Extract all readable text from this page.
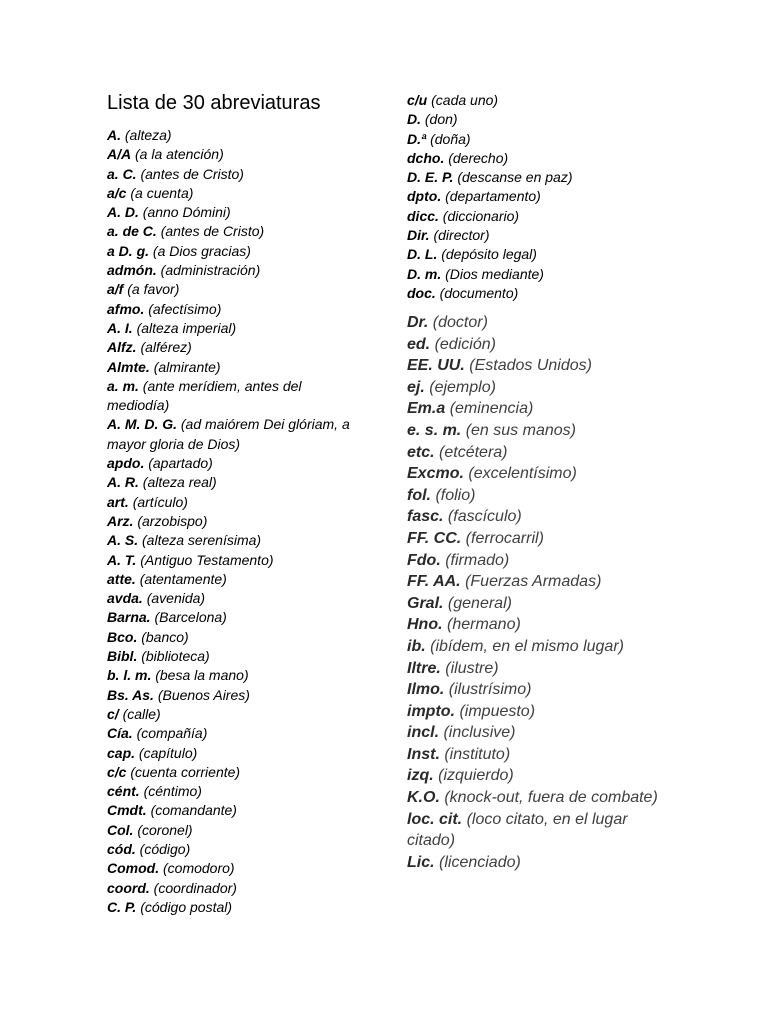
Lista de 30 abreviaturas
A. (alteza)
A/A (a la atención)
a. C. (antes de Cristo)
a/c (a cuenta)
A. D. (anno Dómini)
a. de C. (antes de Cristo)
a D. g. (a Dios gracias)
admón. (administración)
a/f (a favor)
afmo. (afectísimo)
A. I. (alteza imperial)
Alfz. (alférez)
Almte. (almirante)
a. m. (ante merídiem, antes del mediodía)
A. M. D. G. (ad maiórem Dei glóriam, a mayor gloria de Dios)
apdo. (apartado)
A. R. (alteza real)
art. (artículo)
Arz. (arzobispo)
A. S. (alteza serenísima)
A. T. (Antiguo Testamento)
atte. (atentamente)
avda. (avenida)
Barna. (Barcelona)
Bco. (banco)
Bibl. (biblioteca)
b. l. m. (besa la mano)
Bs. As. (Buenos Aires)
c/ (calle)
Cía. (compañía)
cap. (capítulo)
c/c (cuenta corriente)
cént. (céntimo)
Cmdt. (comandante)
Col. (coronel)
cód. (código)
Comod. (comodoro)
coord. (coordinador)
C. P. (código postal)
c/u (cada uno)
D. (don)
D.ª (doña)
dcho. (derecho)
D. E. P. (descanse en paz)
dpto. (departamento)
dicc. (diccionario)
Dir. (director)
D. L. (depósito legal)
D. m. (Dios mediante)
doc. (documento)
Dr. (doctor)
ed. (edición)
EE. UU. (Estados Unidos)
ej. (ejemplo)
Em.a (eminencia)
e. s. m. (en sus manos)
etc. (etcétera)
Excmo. (excelentísimo)
fol. (folio)
fasc. (fascículo)
FF. CC. (ferrocarril)
Fdo. (firmado)
FF. AA. (Fuerzas Armadas)
Gral. (general)
Hno. (hermano)
ib. (ibídem, en el mismo lugar)
Iltre. (ilustre)
Ilmo. (ilustrísimo)
impto. (impuesto)
incl. (inclusive)
Inst. (instituto)
izq. (izquierdo)
K.O. (knock-out, fuera de combate)
loc. cit. (loco citato, en el lugar citado)
Lic. (licenciado)
